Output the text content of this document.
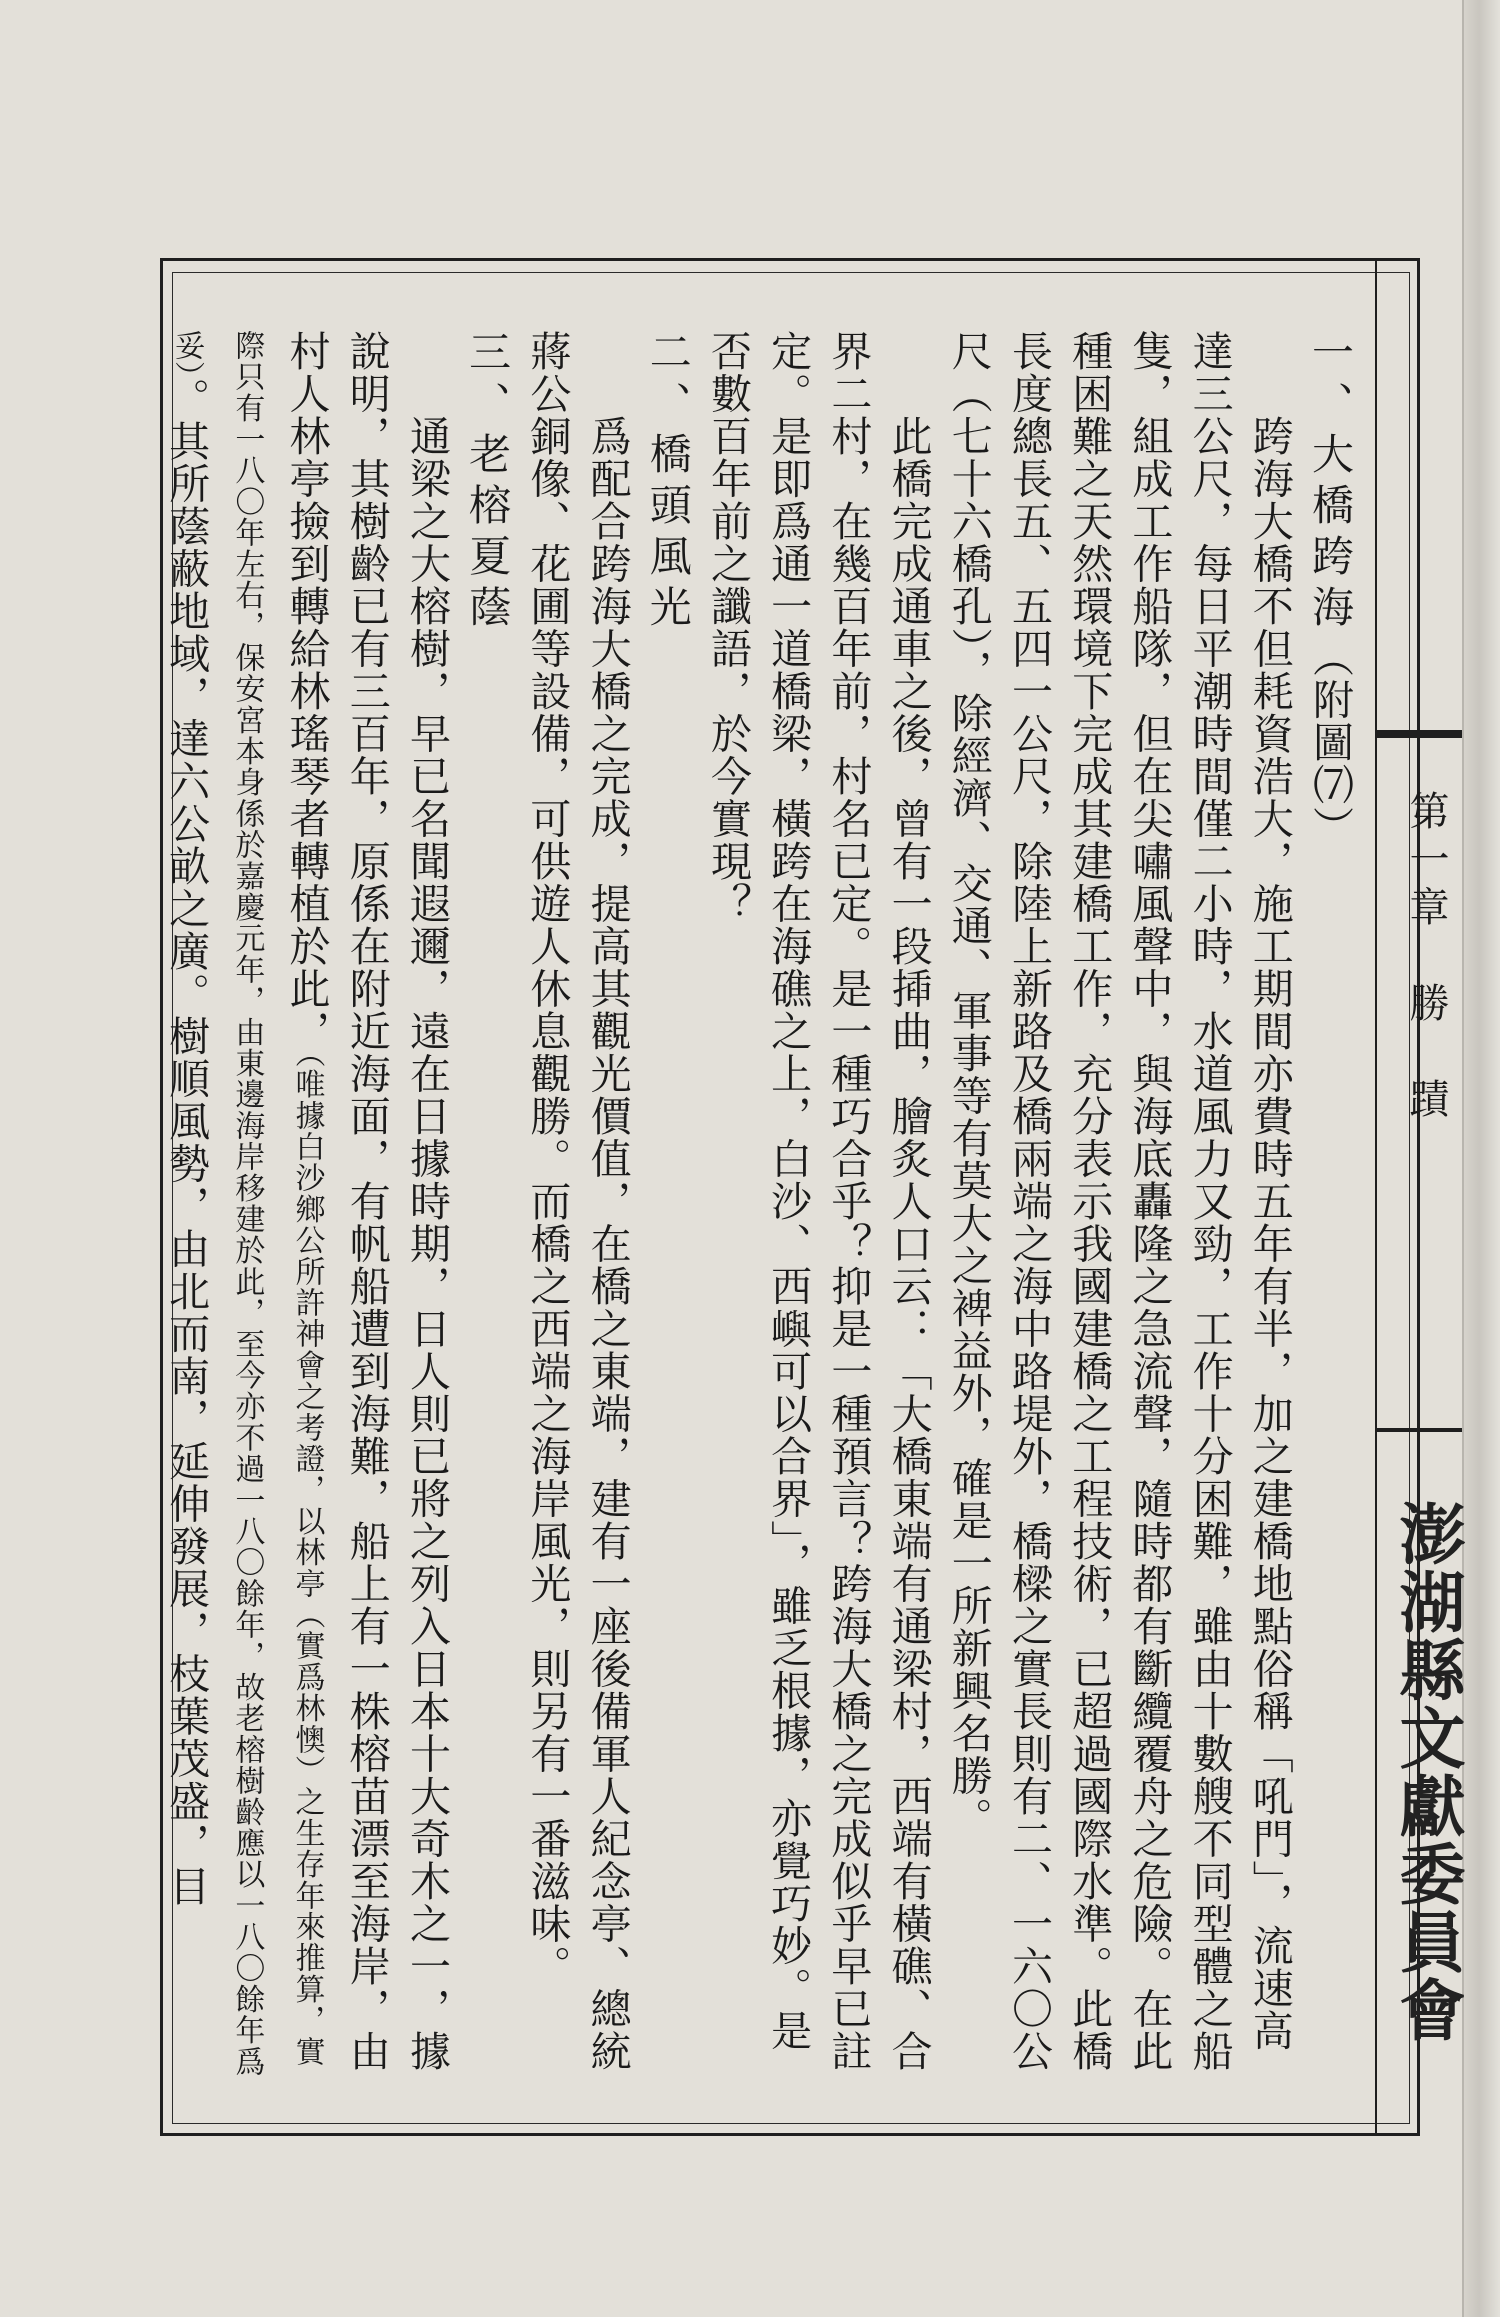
第一章　勝　蹟
澎湖縣文獻委員會

一、大橋跨海（附圖⑺）

　　跨海大橋不但耗資浩大，施工期間亦費時五年有半，加之建橋地點俗稱「吼門」，流速高達三公尺，每日平潮時間僅二小時，水道風力又勁，工作十分困難，雖由十數艘不同型體之船隻，組成工作船隊，但在尖嘯風聲中，與海底轟隆之急流聲，隨時都有斷纜覆舟之危險。在此種困難之天然環境下完成其建橋工作，充分表示我國建橋之工程技術，已超過國際水準。此橋長度總長五、五四一公尺，除陸上新路及橋兩端之海中路堤外，橋樑之實長則有二、一六〇公尺（七十六橋孔），除經濟、交通、軍事等有莫大之裨益外，確是一所新興名勝。

　　此橋完成通車之後，曾有一段揷曲，膾炙人口云：「大橋東端有通梁村，西端有橫礁、合界二村，在幾百年前，村名已定。是一種巧合乎？抑是一種預言？跨海大橋之完成似乎早已註定。是即爲通一道橋梁，橫跨在海礁之上，白沙、西嶼可以合界」，雖乏根據，亦覺巧妙。是否數百年前之讖語，於今實現？

二、橋頭風光

　　爲配合跨海大橋之完成，提高其觀光價值，在橋之東端，建有一座後備軍人紀念亭、總統蔣公銅像、花圃等設備，可供遊人休息觀勝。而橋之西端之海岸風光，則另有一番滋味。

三、老榕夏蔭

　　通梁之大榕樹，早已名聞遐邇，遠在日據時期，日人則已將之列入日本十大奇木之一，據說明，其樹齡已有三百年，原係在附近海面，有帆船遭到海難，船上有一株榕苗漂至海岸，由村人林亭撿到轉給林瑤琴者轉植於此，（唯據白沙鄉公所許神會之考證，以林亭（實爲林懊）之生存年來推算，實際只有一八〇年左右，保安宮本身係於嘉慶元年，由東邊海岸移建於此，至今亦不過一八〇餘年，故老榕樹齡應以一八〇餘年爲妥）。其所蔭蔽地域，達六公畝之廣。樹順風勢，由北而南，延伸發展，枝葉茂盛，目
